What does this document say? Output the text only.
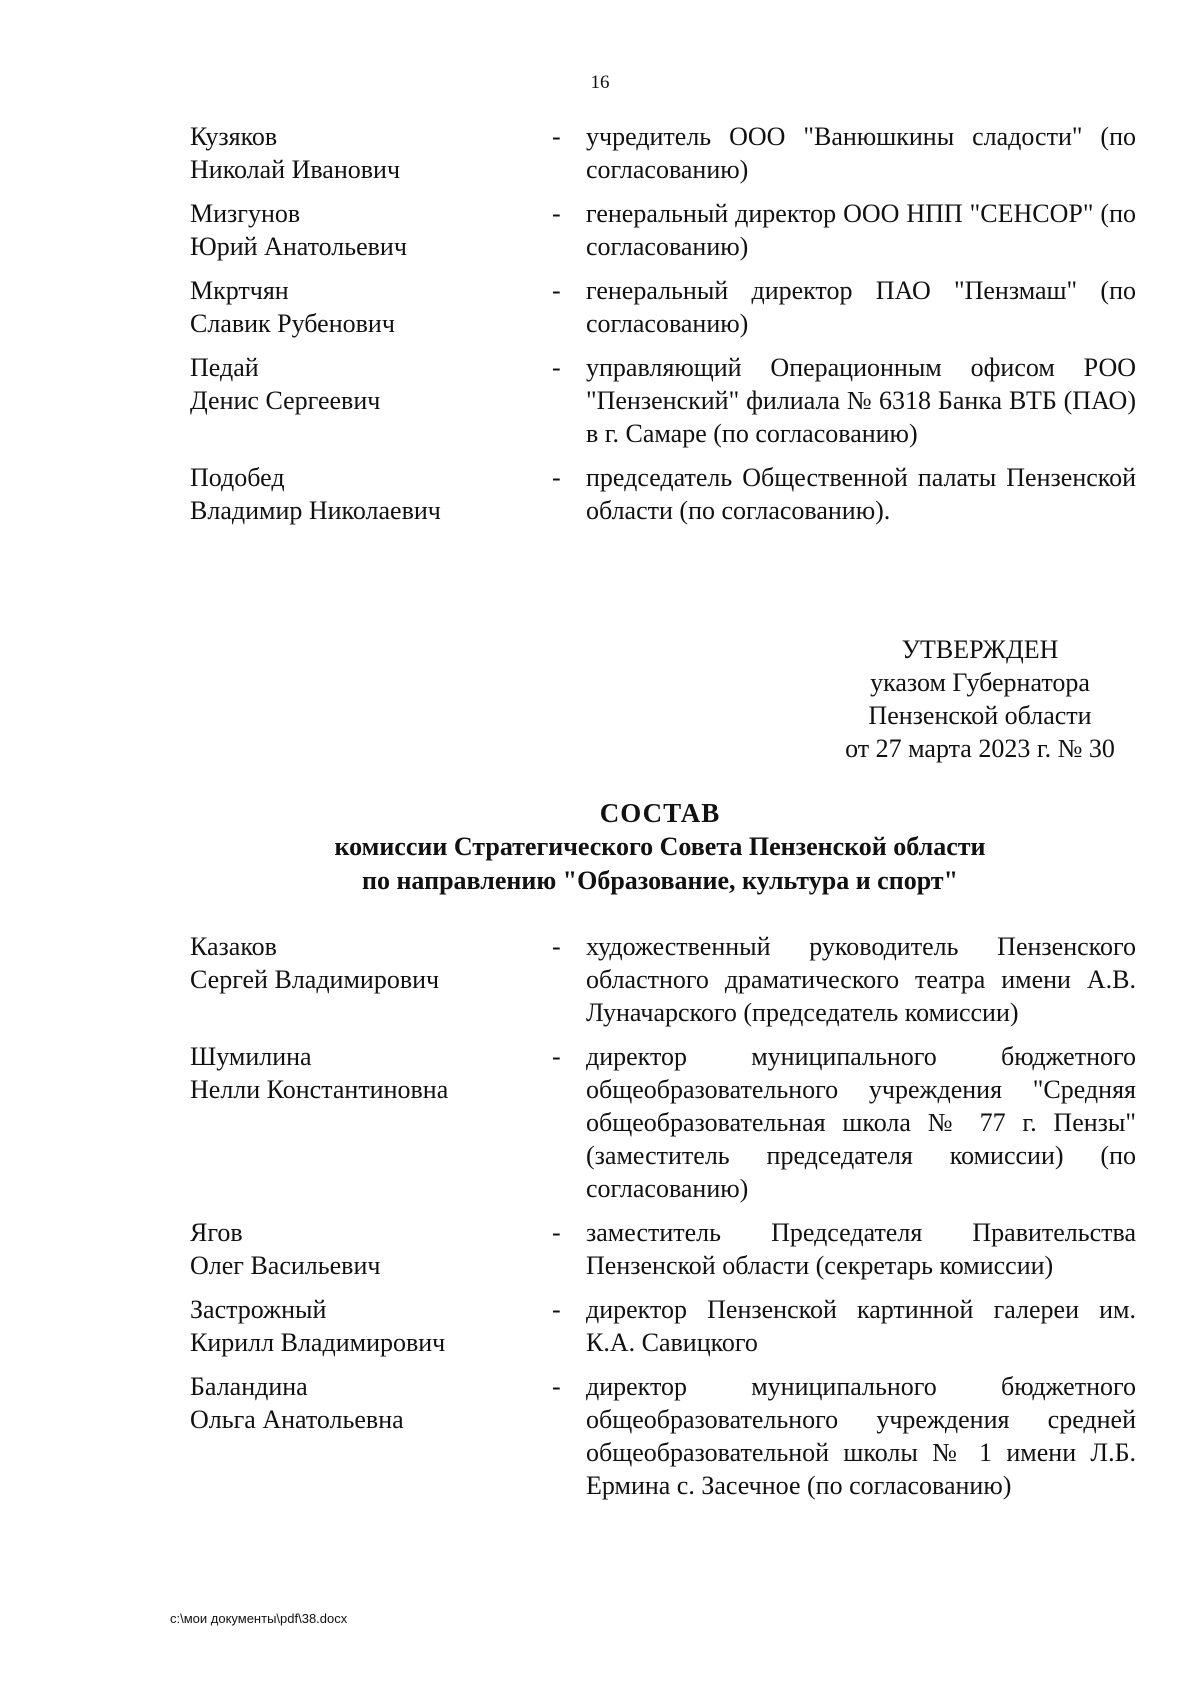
16
Кузяков
Николай Иванович
- учредитель ООО "Ванюшкины сладости" (по согласованию)
Мизгунов
Юрий Анатольевич
- генеральный директор ООО НПП "СЕНСОР" (по согласованию)
Мкртчян
Славик Рубенович
- генеральный директор ПАО "Пензмаш" (по согласованию)
Педай
Денис Сергеевич
- управляющий Операционным офисом РОО "Пензенский" филиала № 6318 Банка ВТБ (ПАО) в г. Самаре (по согласованию)
Подобед
Владимир Николаевич
- председатель Общественной палаты Пензенской области (по согласованию).
УТВЕРЖДЕН
указом Губернатора
Пензенской области
от 27 марта 2023 г. № 30
СОСТАВ
комиссии Стратегического Совета Пензенской области
по направлению "Образование, культура и спорт"
Казаков
Сергей Владимирович
- художественный руководитель Пензенского областного драматического театра имени А.В. Луначарского (председатель комиссии)
Шумилина
Нелли Константиновна
- директор муниципального бюджетного общеобразовательного учреждения "Средняя общеобразовательная школа № 77 г. Пензы" (заместитель председателя комиссии) (по согласованию)
Ягов
Олег Васильевич
- заместитель Председателя Правительства Пензенской области (секретарь комиссии)
Застрожный
Кирилл Владимирович
- директор Пензенской картинной галереи им. К.А. Савицкого
Баландина
Ольга Анатольевна
- директор муниципального бюджетного общеобразовательного учреждения средней общеобразовательной школы № 1 имени Л.Б. Ермина с. Засечное (по согласованию)
c:\мои документы\pdf\38.docx
